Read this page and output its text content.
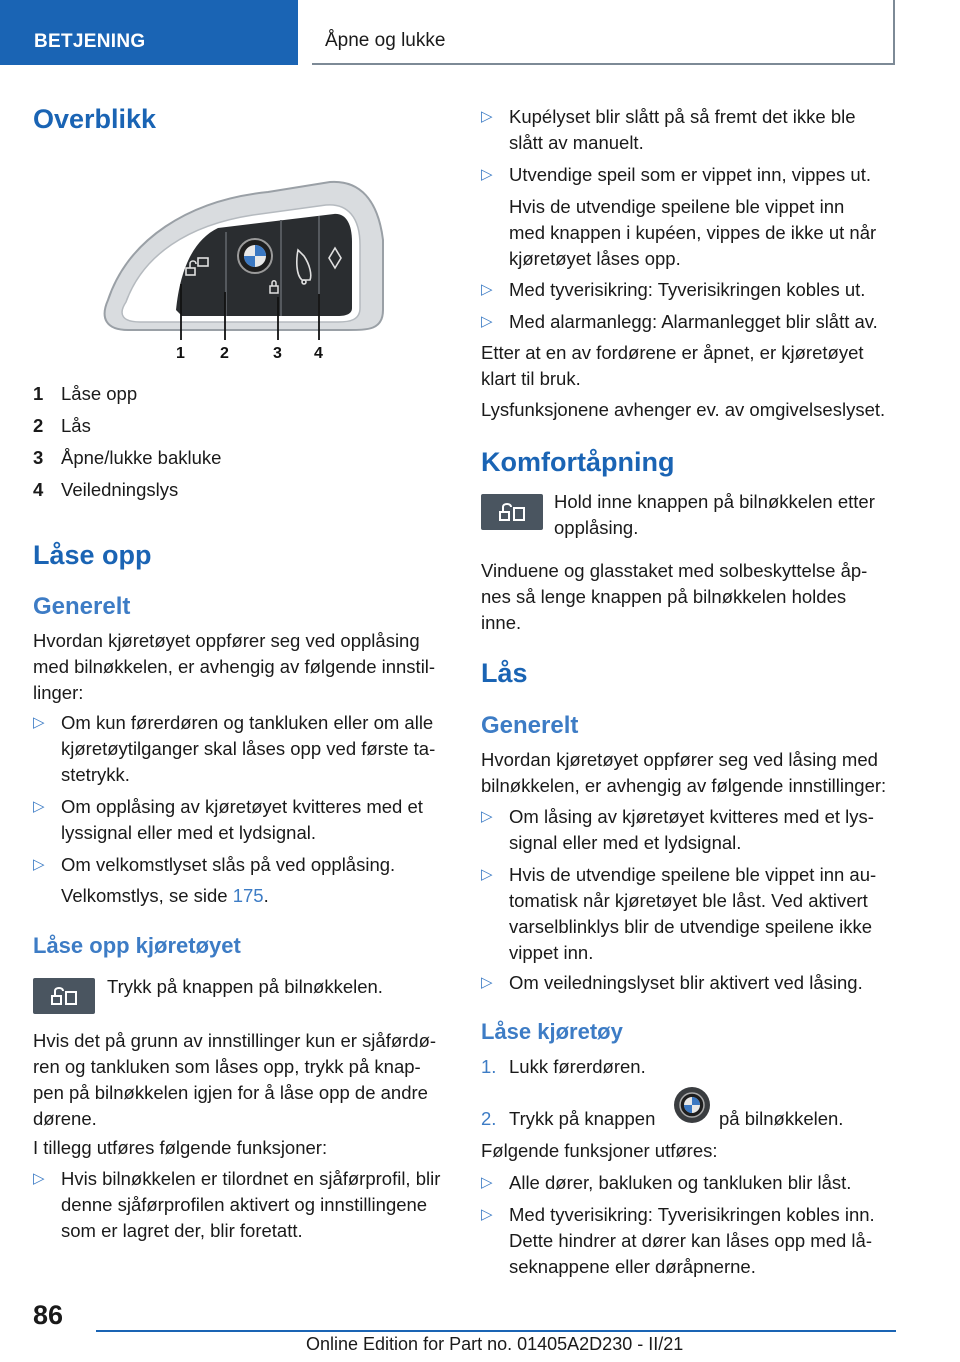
BETJENING	Åpne og lukke
Overblikk
1 2	3 4
1 Låse opp
2 Lås
3 Åpne/lukke bakluke
4 Veiledningslys
Låse opp
Generelt
Hvordan kjøretøyet oppfører seg ved opplåsing
med bilnøkkelen, er avhengig av følgende innstil-
linger:
▷ Om kun førerdøren og tankluken eller om alle
kjøretøytilganger skal låses opp ved første ta-
stetrykk.
▷ Om opplåsing av kjøretøyet kvitteres med et
lyssignal eller med et lydsignal.
▷ Om velkomstlyset slås på ved opplåsing.
Velkomstlys, se side 175.
Låse opp kjøretøyet
Trykk på knappen på bilnøkkelen.
Hvis det på grunn av innstillinger kun er sjåførdø-
ren og tankluken som låses opp, trykk på knap-
pen på bilnøkkelen igjen for å låse opp de andre
dørene.
I tillegg utføres følgende funksjoner:
▷ Hvis bilnøkkelen er tilordnet en sjåførprofil, blir
denne sjåførprofilen aktivert og innstillingene
som er lagret der, blir foretatt.
▷ Kupélyset blir slått på så fremt det ikke ble
slått av manuelt.
▷ Utvendige speil som er vippet inn, vippes ut.
Hvis de utvendige speilene ble vippet inn
med knappen i kupéen, vippes de ikke ut når
kjøretøyet låses opp.
▷ Med tyverisikring: Tyverisikringen kobles ut.
▷ Med alarmanlegg: Alarmanlegget blir slått av.
Etter at en av fordørene er åpnet, er kjøretøyet
klart til bruk.
Lysfunksjonene avhenger ev. av omgivelseslyset.
Komfortåpning
Hold inne knappen på bilnøkkelen etter
opplåsing.
Vinduene og glasstaket med solbeskyttelse åp-
nes så lenge knappen på bilnøkkelen holdes
inne.
Lås
Generelt
Hvordan kjøretøyet oppfører seg ved låsing med
bilnøkkelen, er avhengig av følgende innstillinger:
▷ Om låsing av kjøretøyet kvitteres med et lys-
signal eller med et lydsignal.
▷ Hvis de utvendige speilene ble vippet inn au-
tomatisk når kjøretøyet ble låst. Ved aktivert
varselblinklys blir de utvendige speilene ikke
vippet inn.
▷ Om veiledningslyset blir aktivert ved låsing.
Låse kjøretøy
1. Lukk førerdøren.
2. Trykk på knappen	på bilnøkkelen.
Følgende funksjoner utføres:
▷ Alle dører, bakluken og tankluken blir låst.
▷ Med tyverisikring: Tyverisikringen kobles inn.
Dette hindrer at dører kan låses opp med lå-
seknappene eller døråpnerne.
86
Online Edition for Part no. 01405A2D230 - II/21
